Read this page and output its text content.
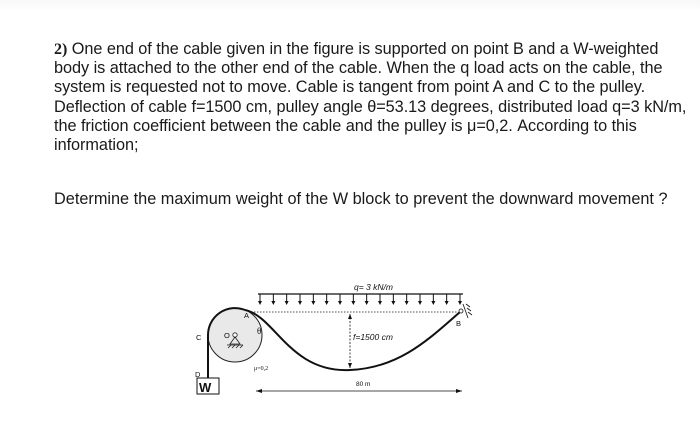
2) One end of the cable given in the figure is supported on point B and a W-weighted body is attached to the other end of the cable. When the q load acts on the cable, the system is requested not to move. Cable is tangent from point A and C to the pulley. Deflection of cable f=1500 cm, pulley angle θ=53.13 degrees, distributed load q=3 kN/m, the friction coefficient between the cable and the pulley is μ=0,2. According to this information;
Determine the maximum weight of the W block to prevent the downward movement ?
q= 3 kN/m
f=1500 cm
80 m
μ=0,2
A
B
C
D
O	θ
W
